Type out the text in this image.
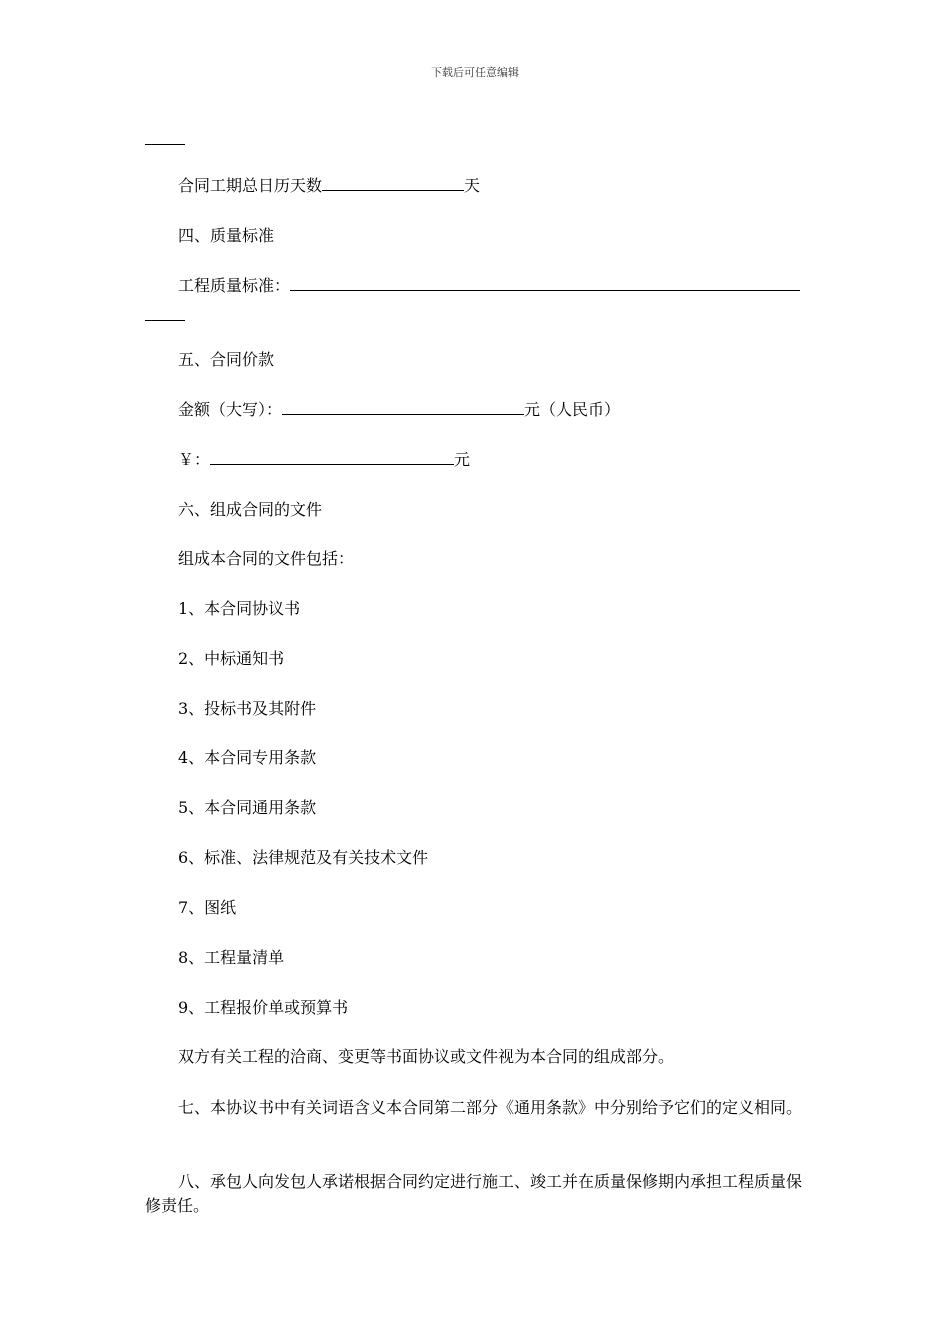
下载后可任意编辑
合同工期总日历天数	天
四、质量标准
工程质量标准：
五、合同价款
金额（大写）：	元（人民币）
￥：	元
六、组成合同的文件
组成本合同的文件包括：
1、本合同协议书
2、中标通知书
3、投标书及其附件
4、本合同专用条款
5、本合同通用条款
6、标准、法律规范及有关技术文件
7、图纸
8、工程量清单
9、工程报价单或预算书
双方有关工程的洽商、变更等书面协议或文件视为本合同的组成部分。
七、本协议书中有关词语含义本合同第二部分《通用条款》中分别给予它们的定义相同。
八、承包人向发包人承诺根据合同约定进行施工、竣工并在质量保修期内承担工程质量保修责任。
